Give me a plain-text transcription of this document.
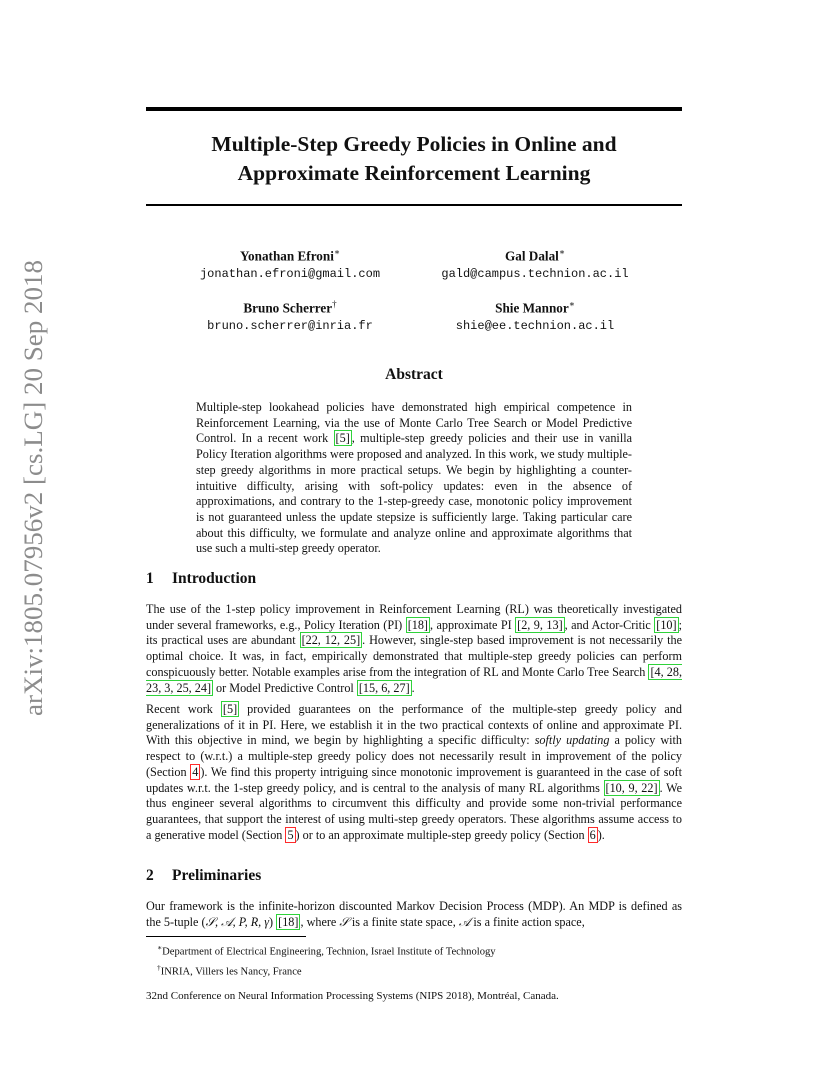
arXiv:1805.07956v2 [cs.LG] 20 Sep 2018
Multiple-Step Greedy Policies in Online and
Approximate Reinforcement Learning
Yonathan Efroni∗
jonathan.efroni@gmail.com
Gal Dalal∗
gald@campus.technion.ac.il
Bruno Scherrer†
bruno.scherrer@inria.fr
Shie Mannor∗
shie@ee.technion.ac.il
Abstract
Multiple-step lookahead policies have demonstrated high empirical competence in Reinforcement Learning, via the use of Monte Carlo Tree Search or Model Predictive Control. In a recent work [5] , multiple-step greedy policies and their use in vanilla Policy Iteration algorithms were proposed and analyzed. In this work, we study multiple-step greedy algorithms in more practical setups. We begin by highlighting a counter-intuitive difficulty, arising with soft-policy updates: even in the absence of approximations, and contrary to the 1-step-greedy case, monotonic policy improvement is not guaranteed unless the update stepsize is sufficiently large. Taking particular care about this difficulty, we formulate and analyze online and approximate algorithms that use such a multi-step greedy operator.
1 Introduction
The use of the 1-step policy improvement in Reinforcement Learning (RL) was theoretically investigated under several frameworks, e.g., Policy Iteration (PI) [18] , approximate PI [2, 9, 13] , and Actor-Critic [10] ; its practical uses are abundant [22, 12, 25] . However, single-step based improvement is not necessarily the optimal choice. It was, in fact, empirically demonstrated that multiple-step greedy policies can perform conspicuously better. Notable examples arise from the integration of RL and Monte Carlo Tree Search [4, 28, 23, 3, 25, 24] or Model Predictive Control [15, 6, 27] .
Recent work [5] provided guarantees on the performance of the multiple-step greedy policy and generalizations of it in PI. Here, we establish it in the two practical contexts of online and approximate PI. With this objective in mind, we begin by highlighting a specific difficulty: softly updating a policy with respect to (w.r.t.) a multiple-step greedy policy does not necessarily result in improvement of the policy (Section 4 ). We find this property intriguing since monotonic improvement is guaranteed in the case of soft updates w.r.t. the 1-step greedy policy, and is central to the analysis of many RL algorithms [10, 9, 22] . We thus engineer several algorithms to circumvent this difficulty and provide some non-trivial performance guarantees, that support the interest of using multi-step greedy operators. These algorithms assume access to a generative model (Section 5 ) or to an approximate multiple-step greedy policy (Section 6 ).
2 Preliminaries
Our framework is the infinite-horizon discounted Markov Decision Process (MDP). An MDP is defined as the 5-tuple (𝒮, 𝒜, P, R, γ) [18] , where 𝒮 is a finite state space, 𝒜 is a finite action space,
∗Department of Electrical Engineering, Technion, Israel Institute of Technology
†INRIA, Villers les Nancy, France
32nd Conference on Neural Information Processing Systems (NIPS 2018), Montréal, Canada.
